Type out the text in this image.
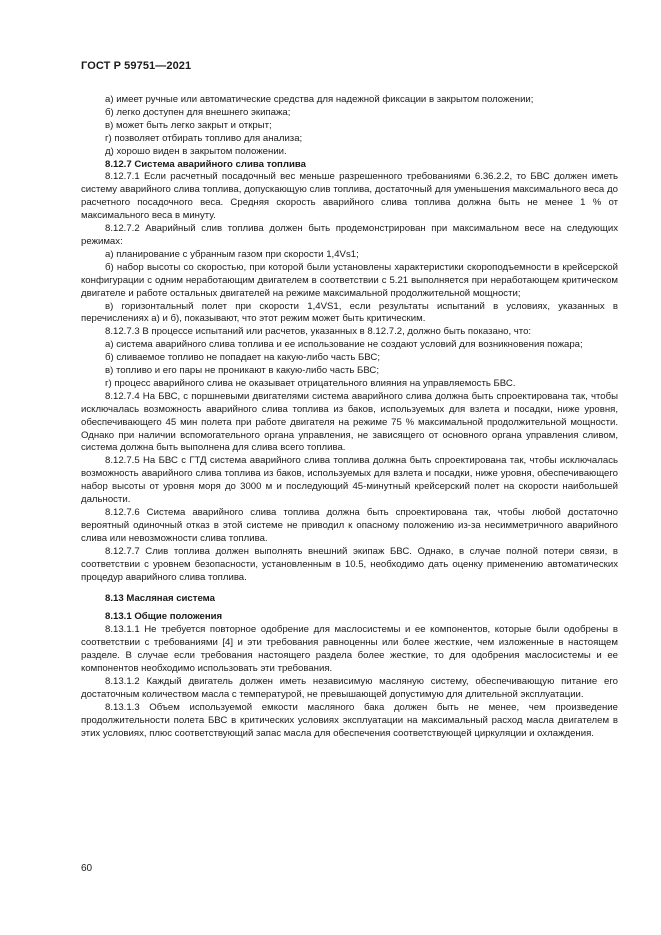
ГОСТ Р 59751—2021

а) имеет ручные или автоматические средства для надежной фиксации в закрытом положении;

б) легко доступен для внешнего экипажа;

в) может быть легко закрыт и открыт;

г) позволяет отбирать топливо для анализа;

д) хорошо виден в закрытом положении.

8.12.7 Система аварийного слива топлива

8.12.7.1 Если расчетный посадочный вес меньше разрешенного требованиями 6.36.2.2, то БВС должен иметь систему аварийного слива топлива, допускающую слив топлива, достаточный для уменьшения максимального веса до расчетного посадочного веса. Средняя скорость аварийного слива топлива должна быть не менее 1 % от максимального веса в минуту.

8.12.7.2 Аварийный слив топлива должен быть продемонстрирован при максимальном весе на следующих режимах:

а) планирование с убранным газом при скорости 1,4Vs1;

б) набор высоты со скоростью, при которой были установлены характеристики скороподъемности в крейсерской конфигурации с одним неработающим двигателем в соответствии с 5.21 выполняется при неработающем критическом двигателе и работе остальных двигателей на режиме максимальной продолжительной мощности;

в) горизонтальный полет при скорости 1,4VS1, если результаты испытаний в условиях, указанных в перечислениях а) и б), показывают, что этот режим может быть критическим.

8.12.7.3 В процессе испытаний или расчетов, указанных в 8.12.7.2, должно быть показано, что:

а) система аварийного слива топлива и ее использование не создают условий для возникновения пожара;

б) сливаемое топливо не попадает на какую-либо часть БВС;

в) топливо и его пары не проникают в какую-либо часть БВС;

г) процесс аварийного слива не оказывает отрицательного влияния на управляемость БВС.

8.12.7.4 На БВС, с поршневыми двигателями система аварийного слива должна быть спроектирована так, чтобы исключалась возможность аварийного слива топлива из баков, используемых для взлета и посадки, ниже уровня, обеспечивающего 45 мин полета при работе двигателя на режиме 75 % максимальной продолжительной мощности. Однако при наличии вспомогательного органа управления, не зависящего от основного органа управления сливом, система должна быть выполнена для слива всего топлива.

8.12.7.5 На БВС с ГТД система аварийного слива топлива должна быть спроектирована так, чтобы исключалась возможность аварийного слива топлива из баков, используемых для взлета и посадки, ниже уровня, обеспечивающего набор высоты от уровня моря до 3000 м и последующий 45-минутный крейсерский полет на скорости наибольшей дальности.

8.12.7.6 Система аварийного слива топлива должна быть спроектирована так, чтобы любой достаточно вероятный одиночный отказ в этой системе не приводил к опасному положению из-за несимметричного аварийного слива или невозможности слива топлива.

8.12.7.7 Слив топлива должен выполнять внешний экипаж БВС. Однако, в случае полной потери связи, в соответствии с уровнем безопасности, установленным в 10.5, необходимо дать оценку применению автоматических процедур аварийного слива топлива.

8.13 Масляная система

8.13.1 Общие положения

8.13.1.1 Не требуется повторное одобрение для маслосистемы и ее компонентов, которые были одобрены в соответствии с требованиями [4] и эти требования равноценны или более жесткие, чем изложенные в настоящем разделе. В случае если требования настоящего раздела более жесткие, то для одобрения маслосистемы и ее компонентов необходимо использовать эти требования.

8.13.1.2 Каждый двигатель должен иметь независимую масляную систему, обеспечивающую питание его достаточным количеством масла с температурой, не превышающей допустимую для длительной эксплуатации.

8.13.1.3 Объем используемой емкости масляного бака должен быть не менее, чем произведение продолжительности полета БВС в критических условиях эксплуатации на максимальный расход масла двигателем в этих условиях, плюс соответствующий запас масла для обеспечения соответствующей циркуляции и охлаждения.

60
